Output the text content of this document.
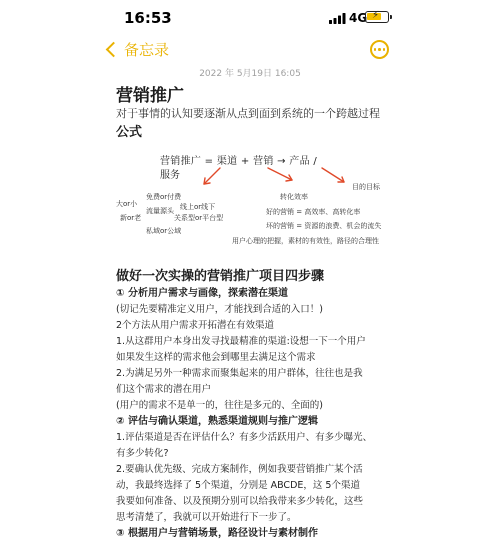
16:53	4G ⚡
备忘录
2022 年 5月19日 16:05
营销推广
对于事情的认知要逐渐从点到面到系统的一个跨越过程
公式
营销推广 = 渠道 + 营销 → 产品 /
服务
免费or付费
大or小
流量源头 线上or线下
新or老	关系型or平台型
私域or公域
转化效率
好的营销 = 高效率、高转化率
坏的营销 = 资源的浪费、机会的流失
用户心理的把握，素材的有效性，路径的合理性
目的目标
做好一次实操的营销推广项目四步骤
① 分析用户需求与画像，探索潜在渠道
(切记先要精准定义用户，才能找到合适的入口！)
2个方法从用户需求开拓潜在有效渠道
1.从这群用户本身出发寻找最精准的渠道:设想一下一个用户
如果发生这样的需求他会到哪里去满足这个需求
2.为满足另外一种需求而聚集起来的用户群体，往往也是我
们这个需求的潜在用户
(用户的需求不是单一的，往往是多元的、全面的)
② 评估与确认渠道，熟悉渠道规则与推广逻辑
1.评估渠道是否在评估什么？有多少活跃用户、有多少曝光、
有多少转化?
2.要确认优先级、完成方案制作，例如我要营销推广某个活
动，我最终选择了 5个渠道，分别是 ABCDE，这 5个渠道
我要如何准备、以及预期分别可以给我带来多少转化，这些
思考清楚了，我就可以开始进行下一步了。
③ 根据用户与营销场景，路径设计与素材制作
